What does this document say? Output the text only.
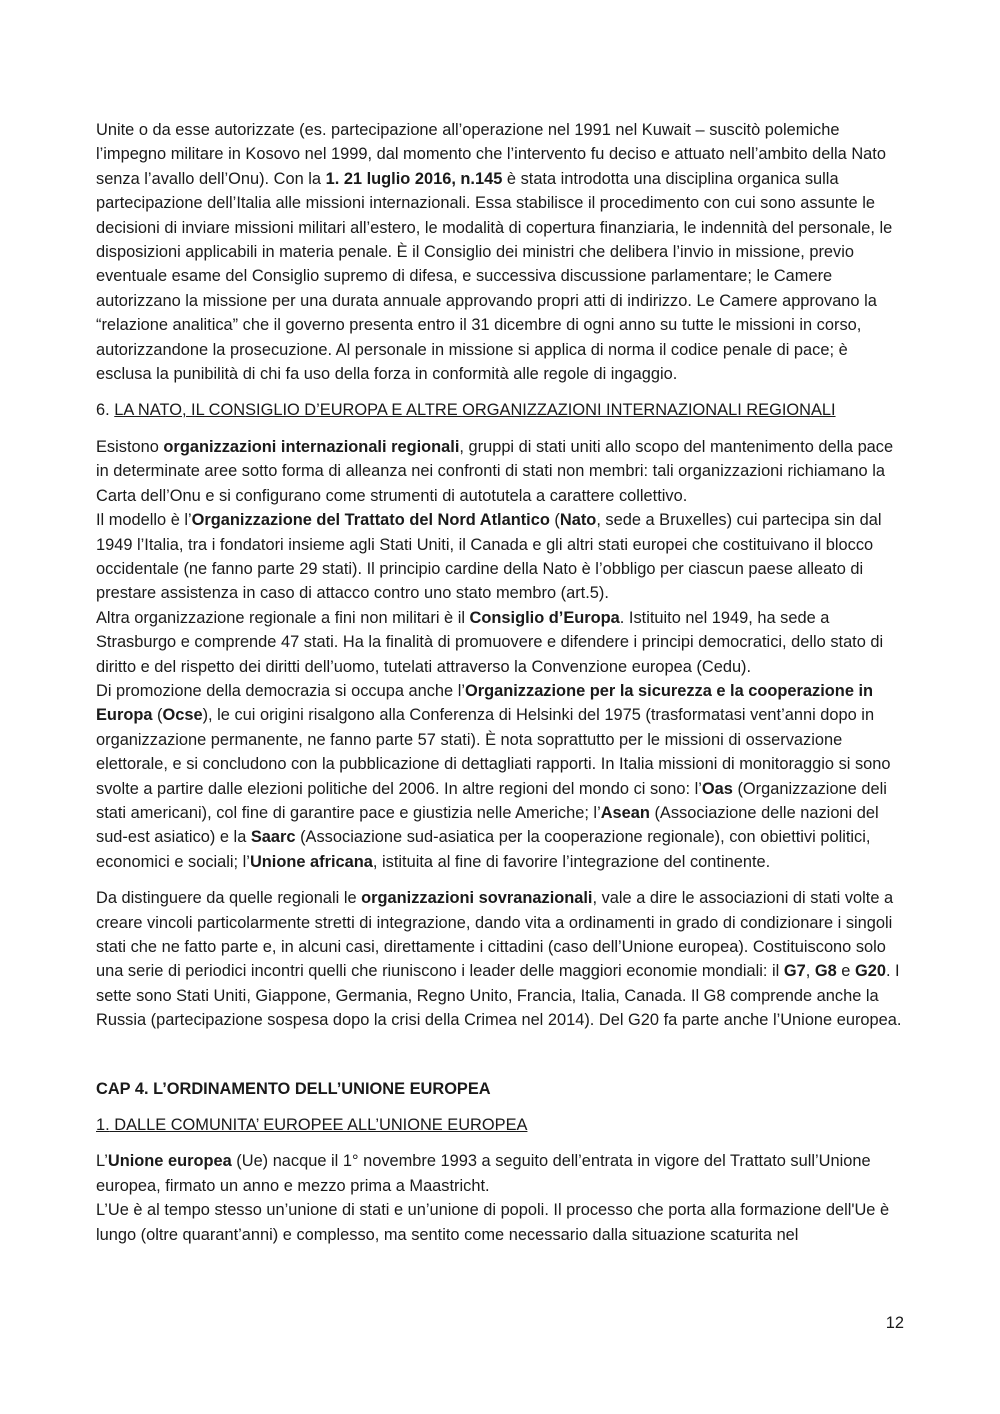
Unite o da esse autorizzate (es. partecipazione all’operazione nel 1991 nel Kuwait – suscitò polemiche l’impegno militare in Kosovo nel 1999, dal momento che l’intervento fu deciso e attuato nell’ambito della Nato senza l’avallo dell’Onu). Con la 1. 21 luglio 2016, n.145 è stata introdotta una disciplina organica sulla partecipazione dell’Italia alle missioni internazionali. Essa stabilisce il procedimento con cui sono assunte le decisioni di inviare missioni militari all’estero, le modalità di copertura finanziaria, le indennità del personale, le disposizioni applicabili in materia penale. È il Consiglio dei ministri che delibera l’invio in missione, previo eventuale esame del Consiglio supremo di difesa, e successiva discussione parlamentare; le Camere autorizzano la missione per una durata annuale approvando propri atti di indirizzo. Le Camere approvano la “relazione analitica” che il governo presenta entro il 31 dicembre di ogni anno su tutte le missioni in corso, autorizzandone la prosecuzione. Al personale in missione si applica di norma il codice penale di pace; è esclusa la punibilità di chi fa uso della forza in conformità alle regole di ingaggio.

6. LA NATO, IL CONSIGLIO D’EUROPA E ALTRE ORGANIZZAZIONI INTERNAZIONALI REGIONALI

Esistono organizzazioni internazionali regionali, gruppi di stati uniti allo scopo del mantenimento della pace in determinate aree sotto forma di alleanza nei confronti di stati non membri: tali organizzazioni richiamano la Carta dell’Onu e si configurano come strumenti di autotutela a carattere collettivo.
Il modello è l’Organizzazione del Trattato del Nord Atlantico (Nato, sede a Bruxelles) cui partecipa sin dal 1949 l’Italia, tra i fondatori insieme agli Stati Uniti, il Canada e gli altri stati europei che costituivano il blocco occidentale (ne fanno parte 29 stati). Il principio cardine della Nato è l’obbligo per ciascun paese alleato di prestare assistenza in caso di attacco contro uno stato membro (art.5).
Altra organizzazione regionale a fini non militari è il Consiglio d’Europa. Istituito nel 1949, ha sede a Strasburgo e comprende 47 stati. Ha la finalità di promuovere e difendere i principi democratici, dello stato di diritto e del rispetto dei diritti dell’uomo, tutelati attraverso la Convenzione europea (Cedu).
Di promozione della democrazia si occupa anche l’Organizzazione per la sicurezza e la cooperazione in Europa (Ocse), le cui origini risalgono alla Conferenza di Helsinki del 1975 (trasformatasi vent’anni dopo in organizzazione permanente, ne fanno parte 57 stati). È nota soprattutto per le missioni di osservazione elettorale, e si concludono con la pubblicazione di dettagliati rapporti. In Italia missioni di monitoraggio si sono svolte a partire dalle elezioni politiche del 2006. In altre regioni del mondo ci sono: l’Oas (Organizzazione deli stati americani), col fine di garantire pace e giustizia nelle Americhe; l’Asean (Associazione delle nazioni del sud-est asiatico) e la Saarc (Associazione sud-asiatica per la cooperazione regionale), con obiettivi politici, economici e sociali; l’Unione africana, istituita al fine di favorire l’integrazione del continente.

Da distinguere da quelle regionali le organizzazioni sovranazionali, vale a dire le associazioni di stati volte a creare vincoli particolarmente stretti di integrazione, dando vita a ordinamenti in grado di condizionare i singoli stati che ne fatto parte e, in alcuni casi, direttamente i cittadini (caso dell’Unione europea). Costituiscono solo una serie di periodici incontri quelli che riuniscono i leader delle maggiori economie mondiali: il G7, G8 e G20. I sette sono Stati Uniti, Giappone, Germania, Regno Unito, Francia, Italia, Canada. Il G8 comprende anche la Russia (partecipazione sospesa dopo la crisi della Crimea nel 2014). Del G20 fa parte anche l’Unione europea.

CAP 4. L’ORDINAMENTO DELL’UNIONE EUROPEA

1. DALLE COMUNITA’ EUROPEE ALL’UNIONE EUROPEA

L’Unione europea (Ue) nacque il 1° novembre 1993 a seguito dell’entrata in vigore del Trattato sull’Unione europea, firmato un anno e mezzo prima a Maastricht.
L’Ue è al tempo stesso un’unione di stati e un’unione di popoli. Il processo che porta alla formazione dell'Ue è lungo (oltre quarant’anni) e complesso, ma sentito come necessario dalla situazione scaturita nel

12
